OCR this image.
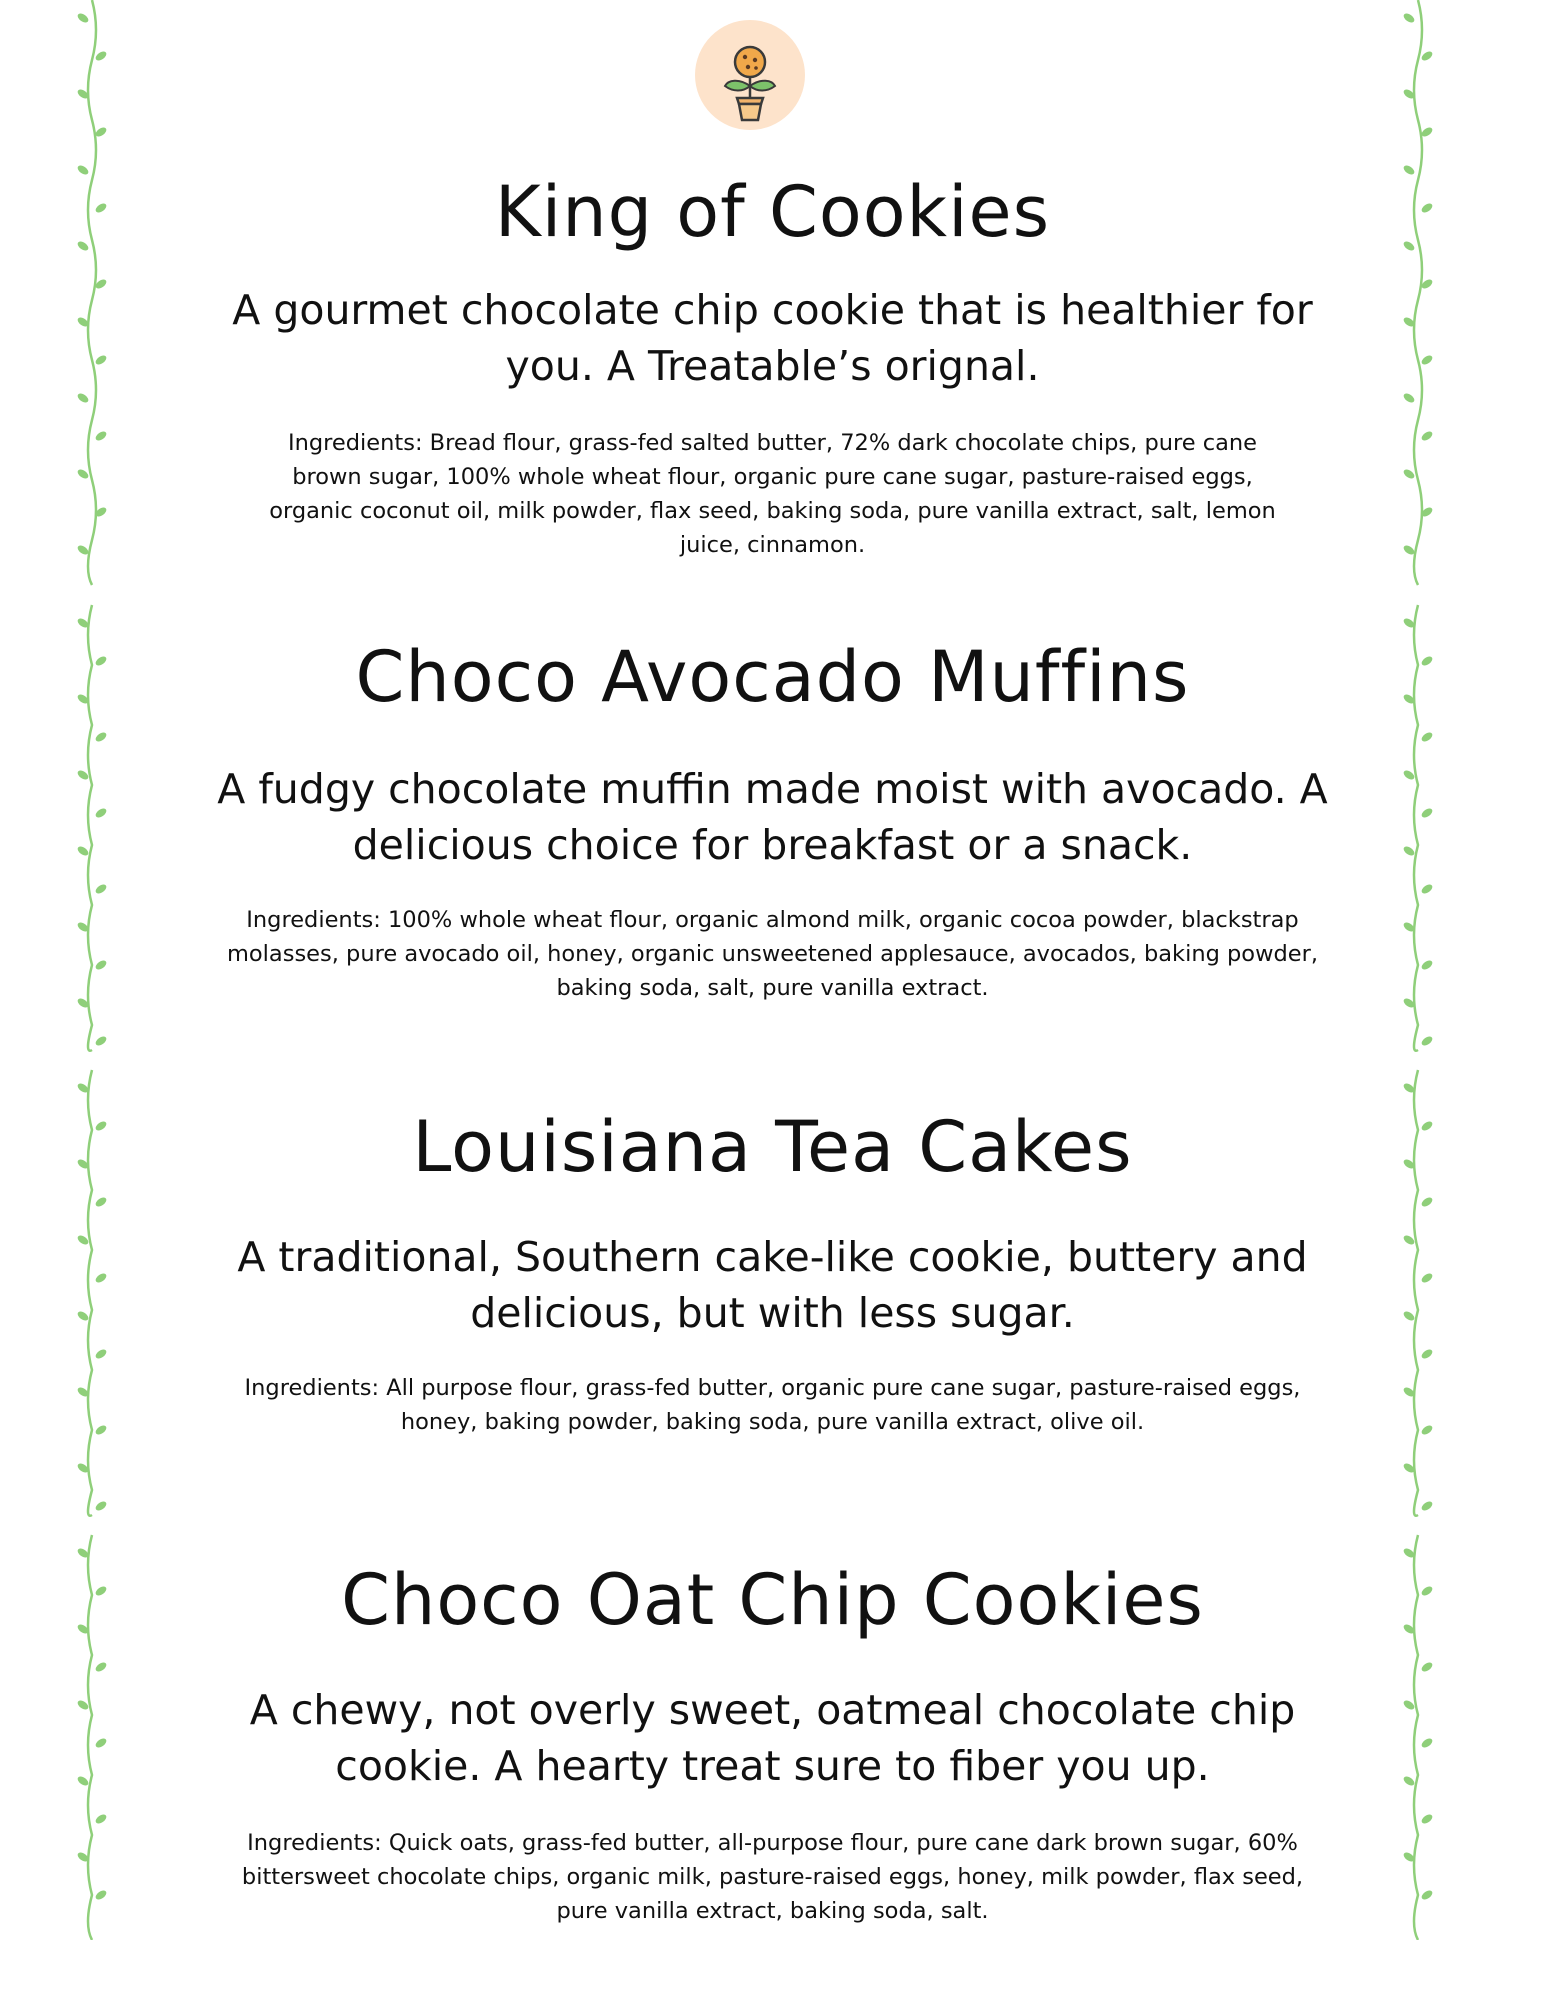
King of Cookies

A gourmet chocolate chip cookie that is healthier for you. A Treatable’s orignal.

Ingredients: Bread flour, grass-fed salted butter, 72% dark chocolate chips, pure cane brown sugar, 100% whole wheat flour, organic pure cane sugar, pasture-raised eggs, organic coconut oil, milk powder, flax seed, baking soda, pure vanilla extract, salt, lemon juice, cinnamon.

Choco Avocado Muffins

A fudgy chocolate muffin made moist with avocado. A delicious choice for breakfast or a snack.

Ingredients: 100% whole wheat flour, organic almond milk, organic cocoa powder, blackstrap molasses, pure avocado oil, honey, organic unsweetened applesauce, avocados, baking powder, baking soda, salt, pure vanilla extract.

Louisiana Tea Cakes

A traditional, Southern cake-like cookie, buttery and delicious, but with less sugar.

Ingredients: All purpose flour, grass-fed butter, organic pure cane sugar, pasture-raised eggs, honey, baking powder, baking soda, pure vanilla extract, olive oil.

Choco Oat Chip Cookies

A chewy, not overly sweet, oatmeal chocolate chip cookie. A hearty treat sure to fiber you up.

Ingredients: Quick oats, grass-fed butter, all-purpose flour, pure cane dark brown sugar, 60% bittersweet chocolate chips, organic milk, pasture-raised eggs, honey, milk powder, flax seed, pure vanilla extract, baking soda, salt.
